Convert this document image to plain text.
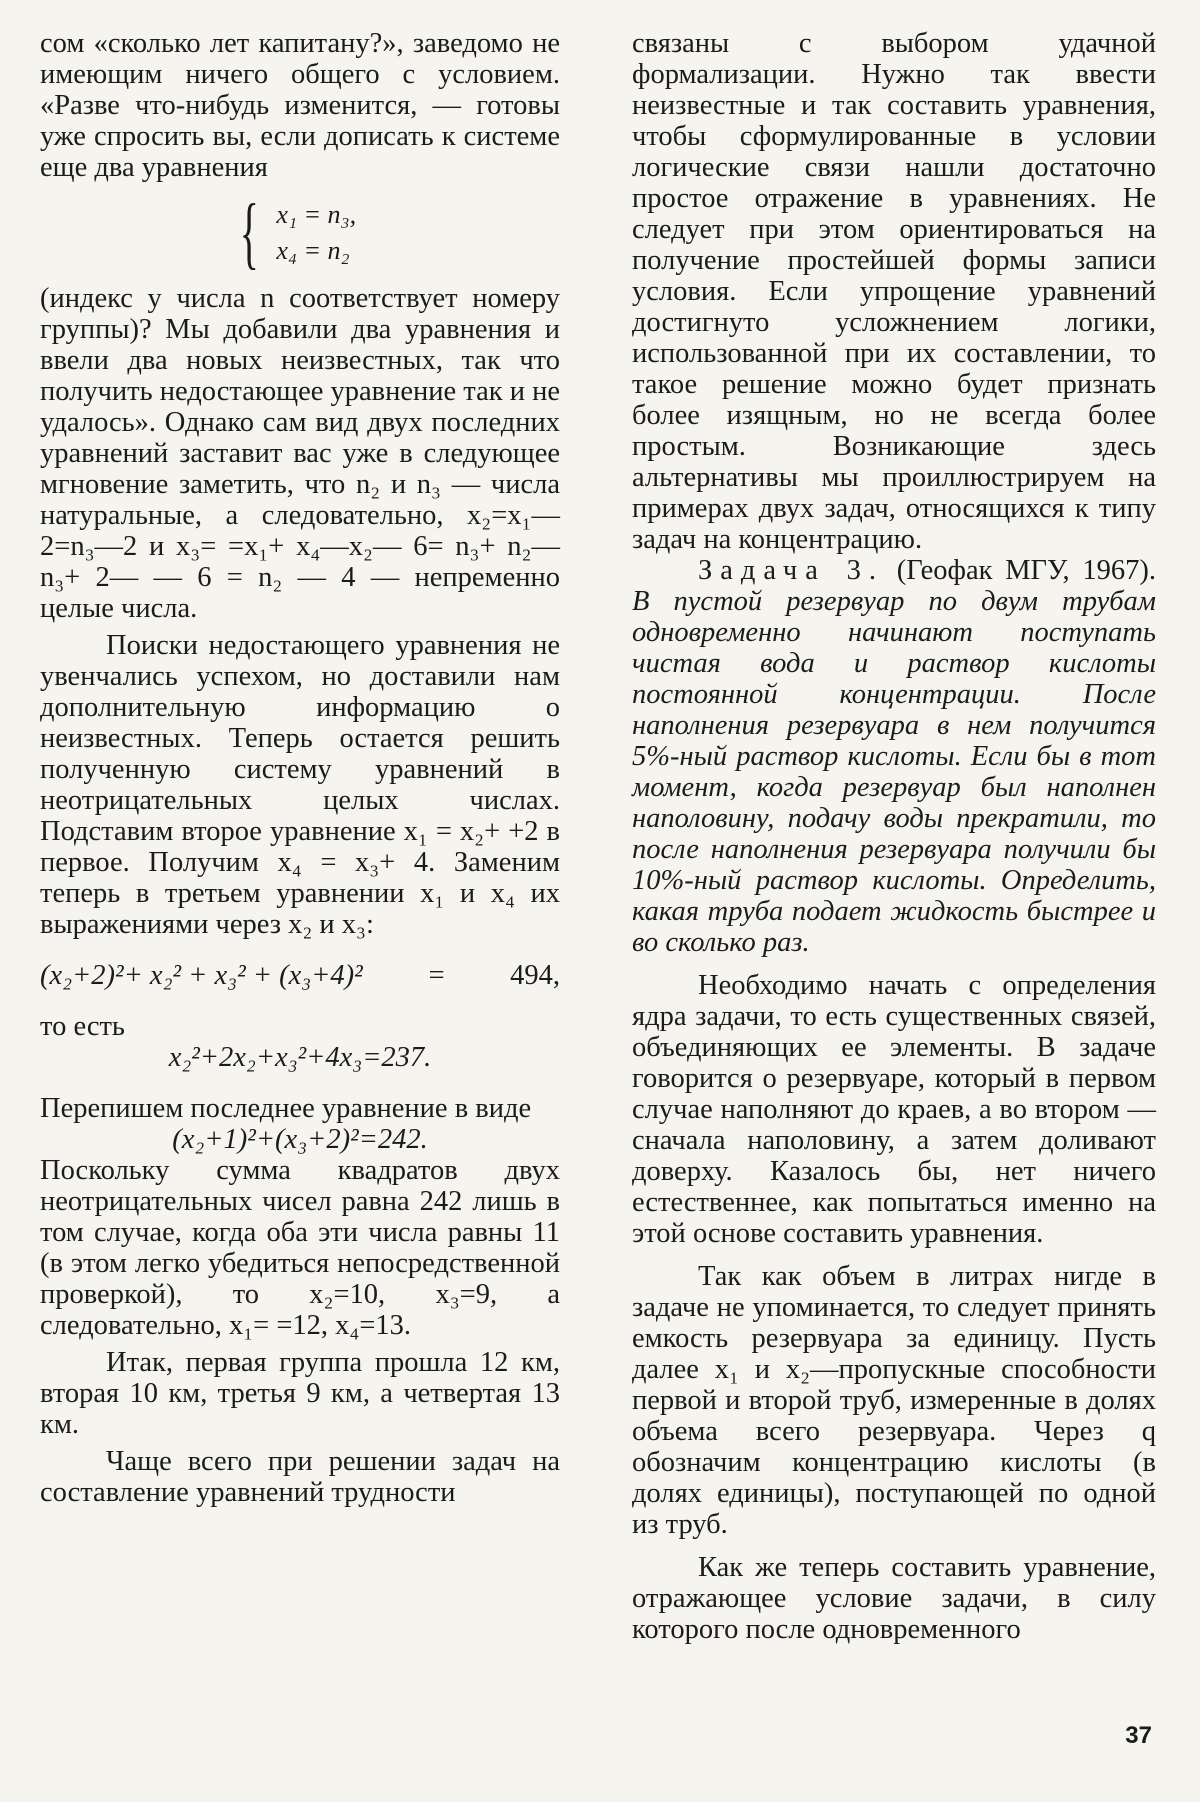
сом «сколько лет капитану?», заведомо не имеющим ничего общего с условием. «Разве что-нибудь изменится, — готовы уже спросить вы, если дописать к системе еще два уравнения

{ x₁ = n₃,
x₄ = n₂

(индекс у числа n соответствует номеру группы)? Мы добавили два уравнения и ввели два новых неизвестных, так что получить недостающее уравнение так и не удалось». Однако сам вид двух последних уравнений заставит вас уже в следующее мгновение заметить, что n₂ и n₃ — числа натуральные, а следовательно, x₂=x₁—2=n₃—2 и x₃= =x₁+ x₄—x₂— 6= n₃+ n₂— n₃+ 2— — 6 = n₂ — 4 — непременно целые числа.

Поиски недостающего уравнения не увенчались успехом, но доставили нам дополнительную информацию о неизвестных. Теперь остается решить полученную систему уравнений в неотрицательных целых числах. Подставим второе уравнение x₁ = x₂+ +2 в первое. Получим x₄ = x₃+ 4. Заменим теперь в третьем уравнении x₁ и x₄ их выражениями через x₂ и x₃:

(x₂+2)²+ x₂² + x₃² + (x₃+4)² = 494,

то есть

x₂²+2x₂+x₃²+4x₃=237.

Перепишем последнее уравнение в виде

(x₂+1)²+(x₃+2)²=242.

Поскольку сумма квадратов двух неотрицательных чисел равна 242 лишь в том случае, когда оба эти числа равны 11 (в этом легко убедиться непосредственной проверкой), то x₂=10, x₃=9, а следовательно, x₁= =12, x₄=13.

Итак, первая группа прошла 12 км, вторая 10 км, третья 9 км, а четвертая 13 км.

Чаще всего при решении задач на составление уравнений трудности

связаны с выбором удачной формализации. Нужно так ввести неизвестные и так составить уравнения, чтобы сформулированные в условии логические связи нашли достаточно простое отражение в уравнениях. Не следует при этом ориентироваться на получение простейшей формы записи условия. Если упрощение уравнений достигнуто усложнением логики, использованной при их составлении, то такое решение можно будет признать более изящным, но не всегда более простым. Возникающие здесь альтернативы мы проиллюстрируем на примерах двух задач, относящихся к типу задач на концентрацию.

Задача 3. (Геофак МГУ, 1967). В пустой резервуар по двум трубам одновременно начинают поступать чистая вода и раствор кислоты постоянной концентрации. После наполнения резервуара в нем получится 5%-ный раствор кислоты. Если бы в тот момент, когда резервуар был наполнен наполовину, подачу воды прекратили, то после наполнения резервуара получили бы 10%-ный раствор кислоты. Определить, какая труба подает жидкость быстрее и во сколько раз.

Необходимо начать с определения ядра задачи, то есть существенных связей, объединяющих ее элементы. В задаче говорится о резервуаре, который в первом случае наполняют до краев, а во втором — сначала наполовину, а затем доливают доверху. Казалось бы, нет ничего естественнее, как попытаться именно на этой основе составить уравнения.

Так как объем в литрах нигде в задаче не упоминается, то следует принять емкость резервуара за единицу. Пусть далее x₁ и x₂—пропускные способности первой и второй труб, измеренные в долях объема всего резервуара. Через q обозначим концентрацию кислоты (в долях единицы), поступающей по одной из труб.

Как же теперь составить уравнение, отражающее условие задачи, в силу которого после одновременного

37
